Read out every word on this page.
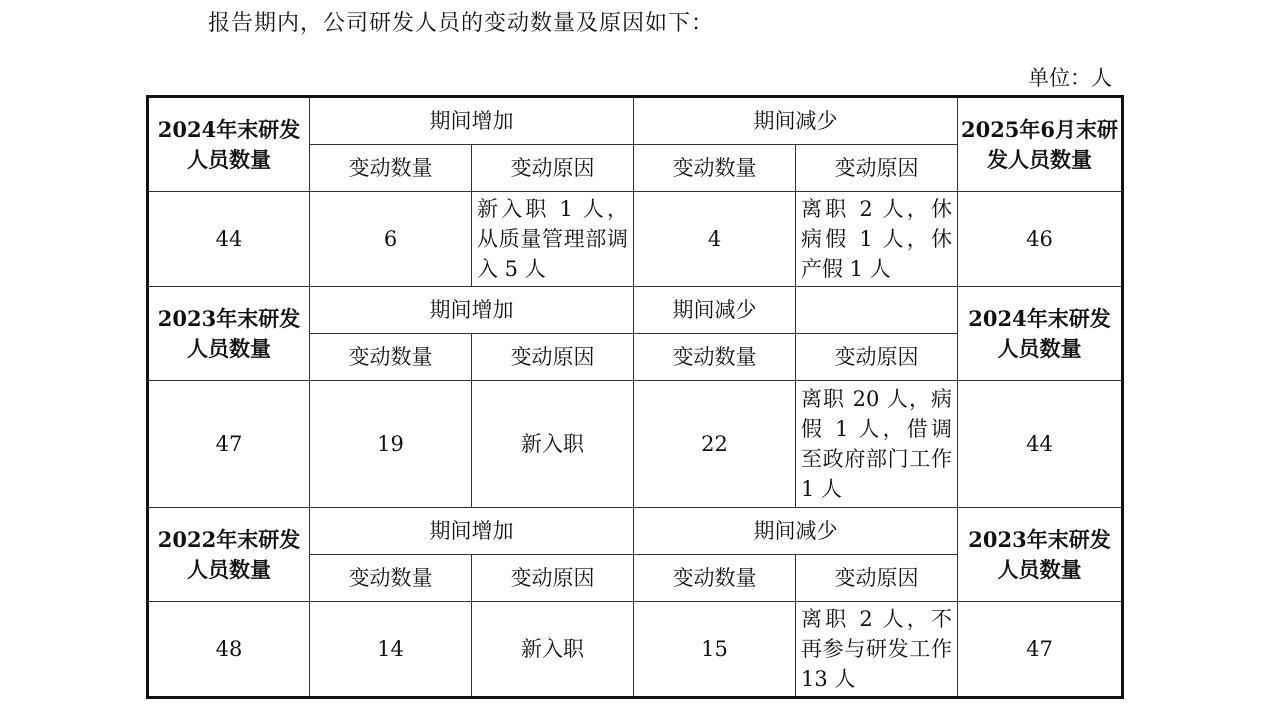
报告期内，公司研发人员的变动数量及原因如下：

单位：人
2024年末研发人员数量	期间增加		期间减少		2025年6月末研发人员数量
	变动数量	变动原因	变动数量	变动原因	
44	6	新入职 1 人，从质量管理部调入 5 人	4	离职 2 人，休病假 1 人，休产假 1 人	46
2023年末研发人员数量	期间增加		期间减少		2024年末研发人员数量
	变动数量	变动原因	变动数量	变动原因	
47	19	新入职	22	离职 20 人，病假 1 人，借调至政府部门工作 1 人	44
2022年末研发人员数量	期间增加		期间减少		2023年末研发人员数量
	变动数量	变动原因	变动数量	变动原因	
48	14	新入职	15	离职 2 人，不再参与研发工作 13 人	47
